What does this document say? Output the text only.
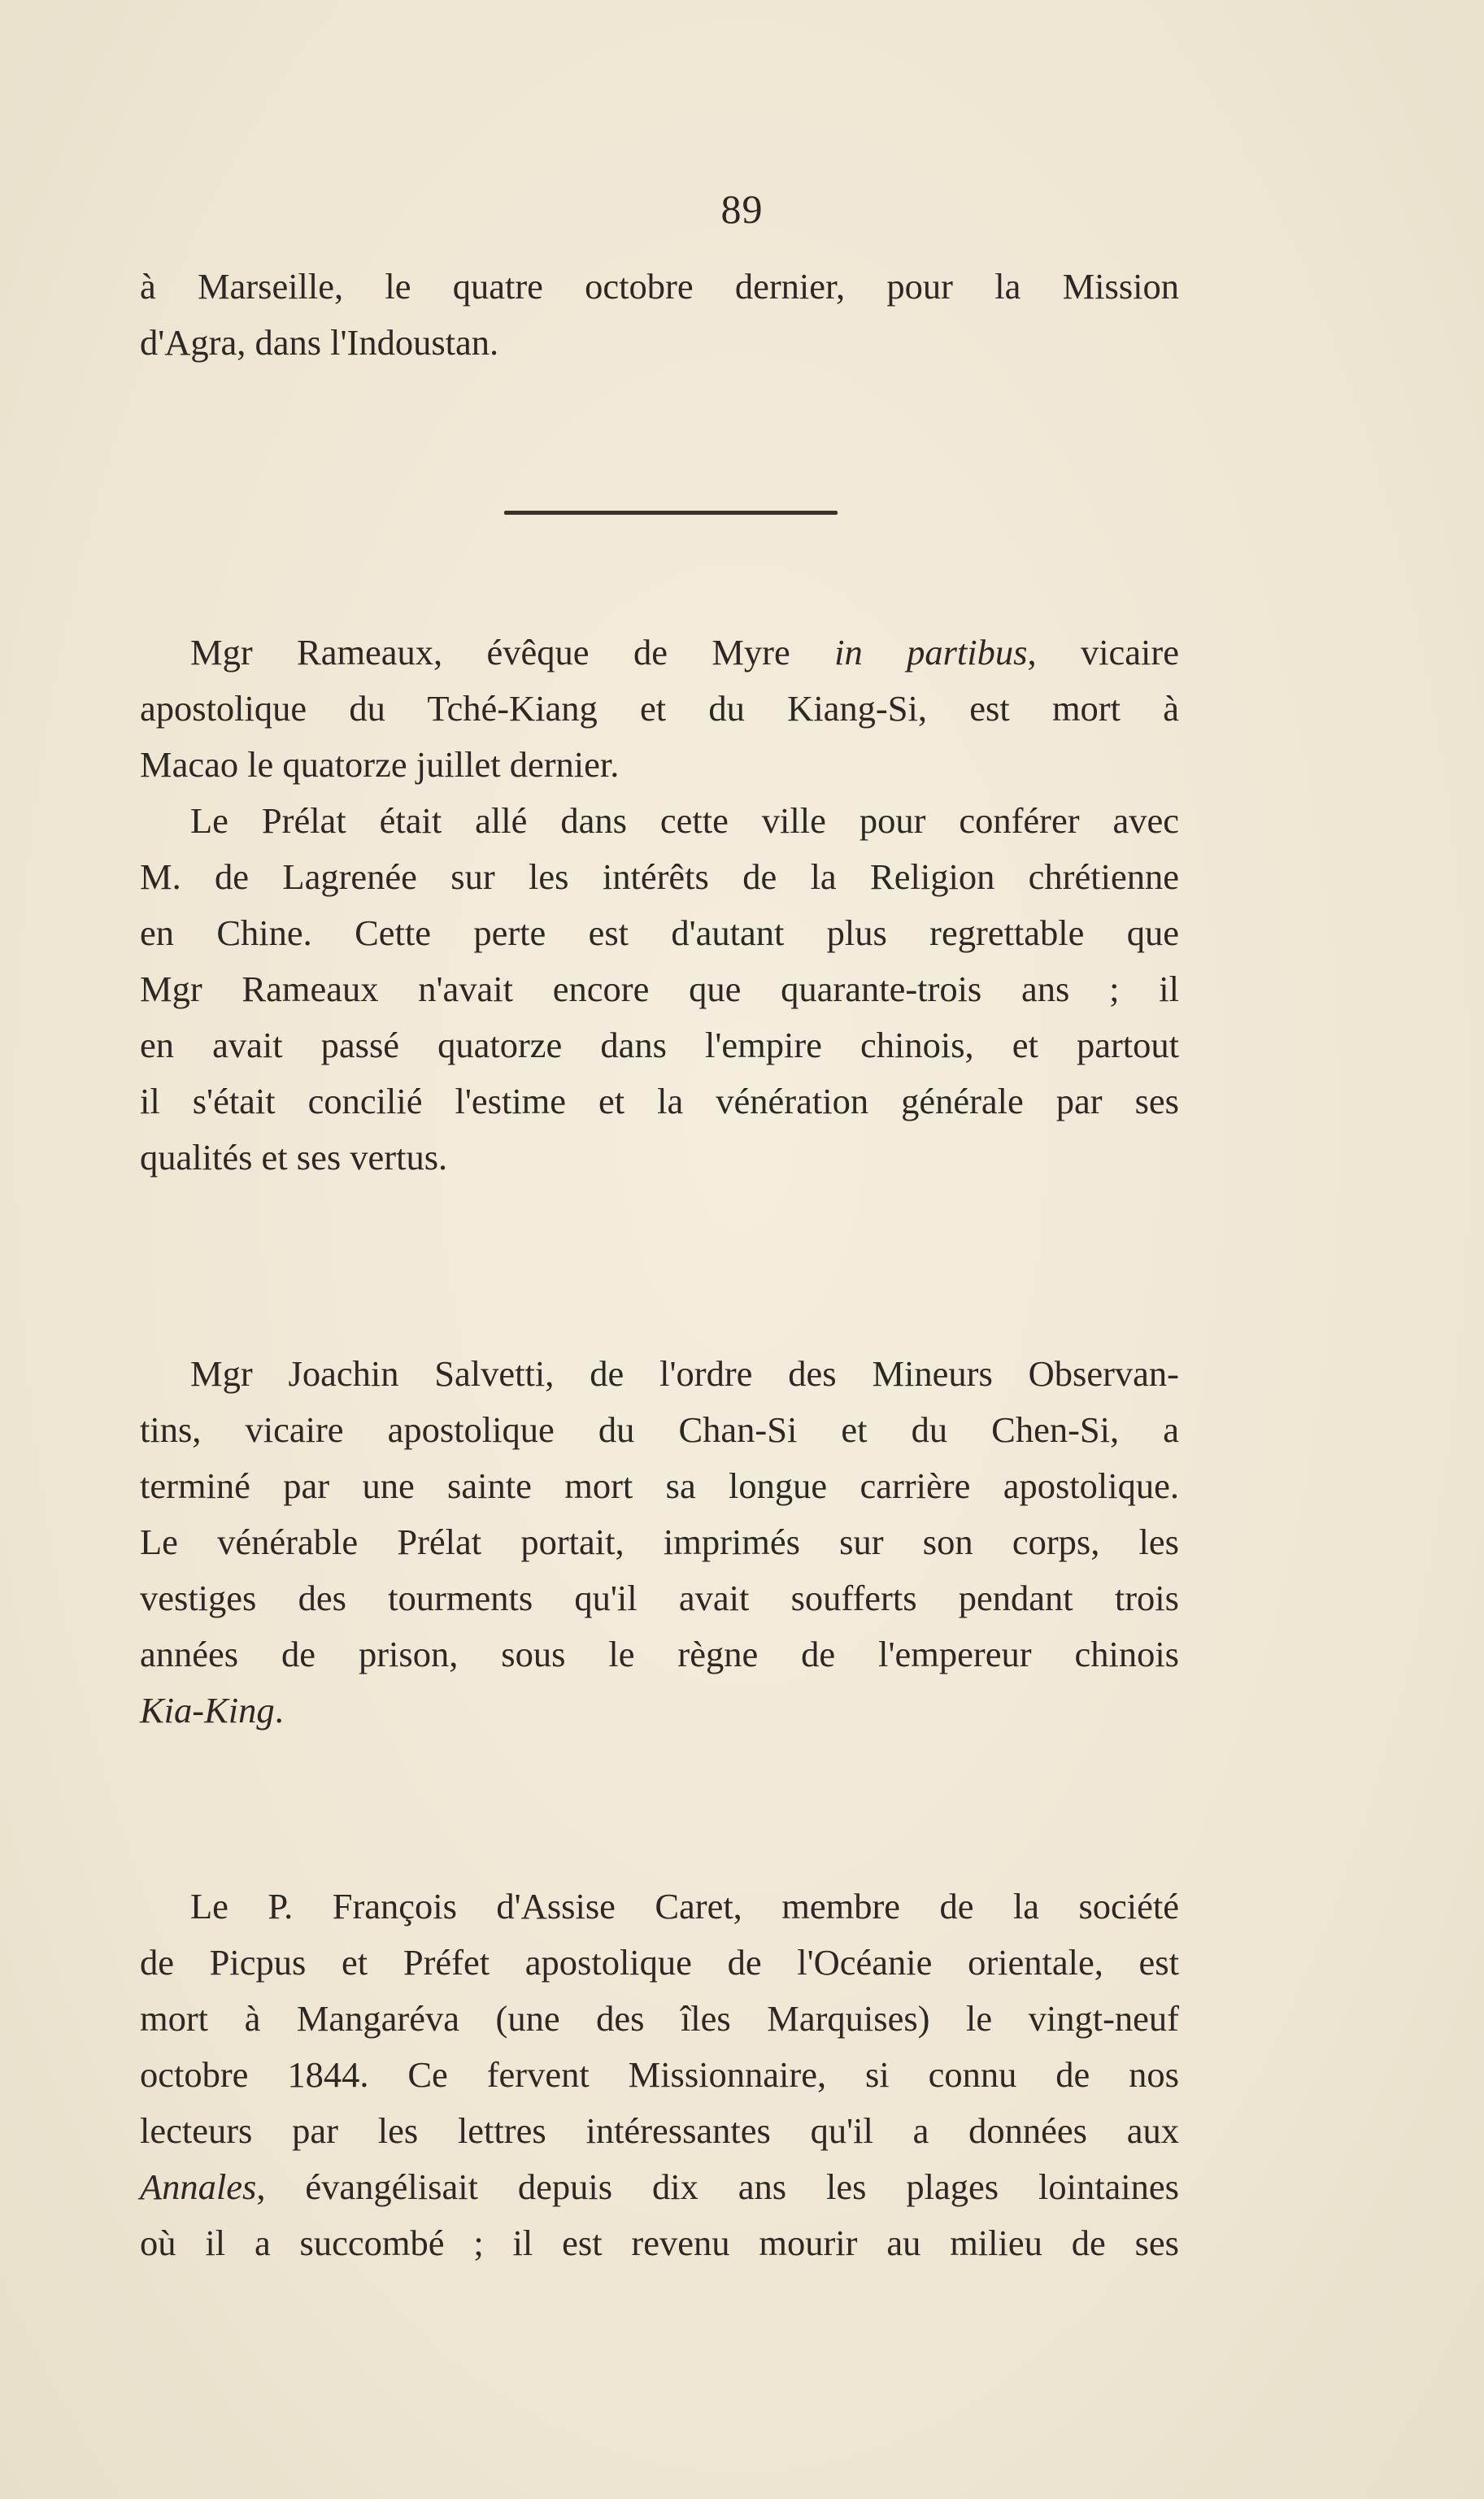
89

à Marseille, le quatre octobre dernier, pour la Mission
d'Agra, dans l'Indoustan.

Mgr Rameaux, évêque de Myre in partibus, vicaire
apostolique du Tché-Kiang et du Kiang-Si, est mort à
Macao le quatorze juillet dernier.
Le Prélat était allé dans cette ville pour conférer avec
M. de Lagrenée sur les intérêts de la Religion chrétienne
en Chine. Cette perte est d'autant plus regrettable que
Mgr Rameaux n'avait encore que quarante-trois ans ; il
en avait passé quatorze dans l'empire chinois, et partout
il s'était concilié l'estime et la vénération générale par ses
qualités et ses vertus.

Mgr Joachin Salvetti, de l'ordre des Mineurs Observan-
tins, vicaire apostolique du Chan-Si et du Chen-Si, a
terminé par une sainte mort sa longue carrière apostolique.
Le vénérable Prélat portait, imprimés sur son corps, les
vestiges des tourments qu'il avait soufferts pendant trois
années de prison, sous le règne de l'empereur chinois
Kia-King.

Le P. François d'Assise Caret, membre de la société
de Picpus et Préfet apostolique de l'Océanie orientale, est
mort à Mangaréva (une des îles Marquises) le vingt-neuf
octobre 1844. Ce fervent Missionnaire, si connu de nos
lecteurs par les lettres intéressantes qu'il a données aux
Annales, évangélisait depuis dix ans les plages lointaines
où il a succombé ; il est revenu mourir au milieu de ses
